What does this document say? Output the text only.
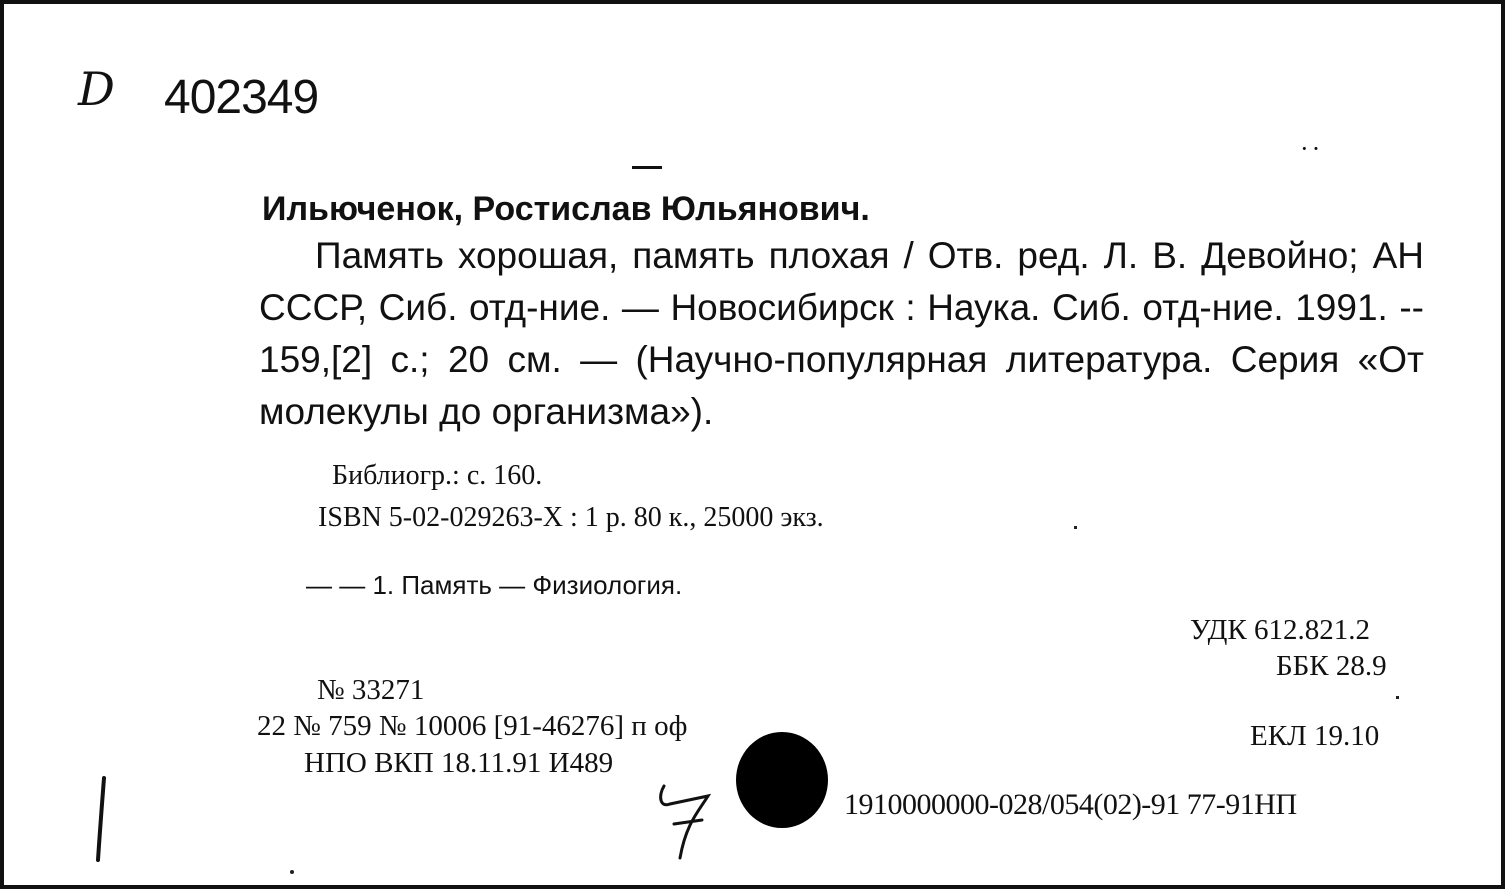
D 402349
··
Ильюченок, Ростислав Юльянович.
Память хорошая, память плохая / Отв. ред. Л. В. Девойно; АН СССР, Сиб. отд-ние. — Новосибирск : Наука. Сиб. отд-ние. 1991. -- 159,[2] с.; 20 см. — (Научно-популярная литература. Серия «От молекулы до организма»).
Библиогр.: с. 160.
ISBN 5-02-029263-X : 1 р. 80 к., 25000 экз.
— — 1. Память — Физиология.
УДК 612.821.2
ББК 28.9
ЕКЛ 19.10
№ 33271
22 № 759 № 10006 [91-46276] п оф
НПО ВКП 18.11.91 И489
1910000000-028/054(02)-91 77-91НП
